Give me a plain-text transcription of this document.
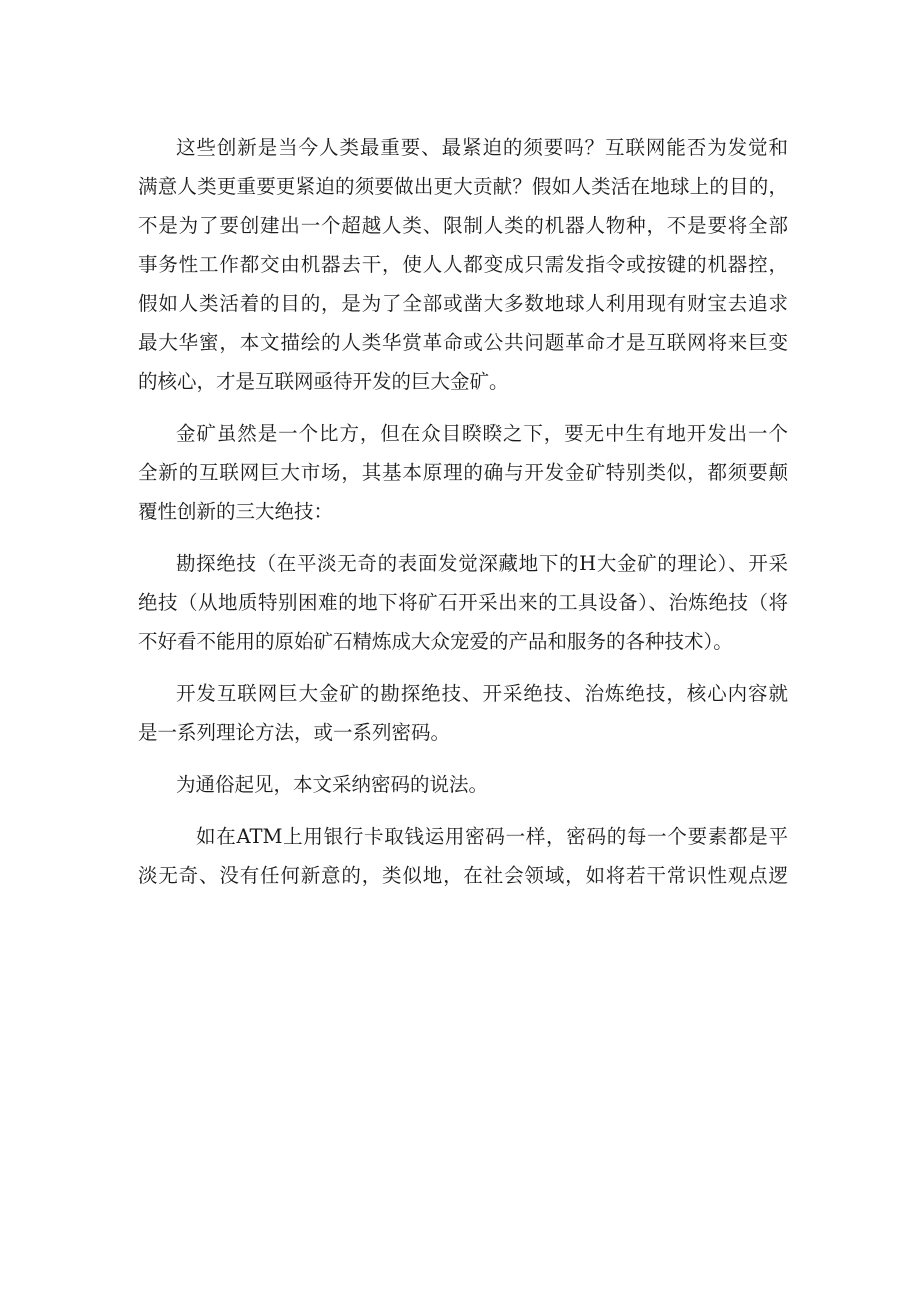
这些创新是当今人类最重要、最紧迫的须要吗？互联网能否为发觉和
满意人类更重要更紧迫的须要做出更大贡献？假如人类活在地球上的目的，
不是为了要创建出一个超越人类、限制人类的机器人物种，不是要将全部
事务性工作都交由机器去干，使人人都变成只需发指令或按键的机器控，
假如人类活着的目的，是为了全部或凿大多数地球人利用现有财宝去追求
最大华蜜，本文描绘的人类华赏革命或公共问题革命才是互联网将来巨变
的核心，才是互联网亟待开发的巨大金矿。
金矿虽然是一个比方，但在众目睽睽之下，要无中生有地开发出一个
全新的互联网巨大市场，其基本原理的确与开发金矿特别类似，都须要颠
覆性创新的三大绝技：
勘探绝技（在平淡无奇的表面发觉深藏地下的H大金矿的理论）、开采
绝技（从地质特别困难的地下将矿石开采出来的工具设备）、治炼绝技（将
不好看不能用的原始矿石精炼成大众宠爱的产品和服务的各种技术）。
开发互联网巨大金矿的勘探绝技、开采绝技、治炼绝技，核心内容就
是一系列理论方法，或一系列密码。
为通俗起见，本文采纳密码的说法。
如在ATM上用银行卡取钱运用密码一样，密码的每一个要素都是平
淡无奇、没有任何新意的，类似地，在社会领域，如将若干常识性观点逻
